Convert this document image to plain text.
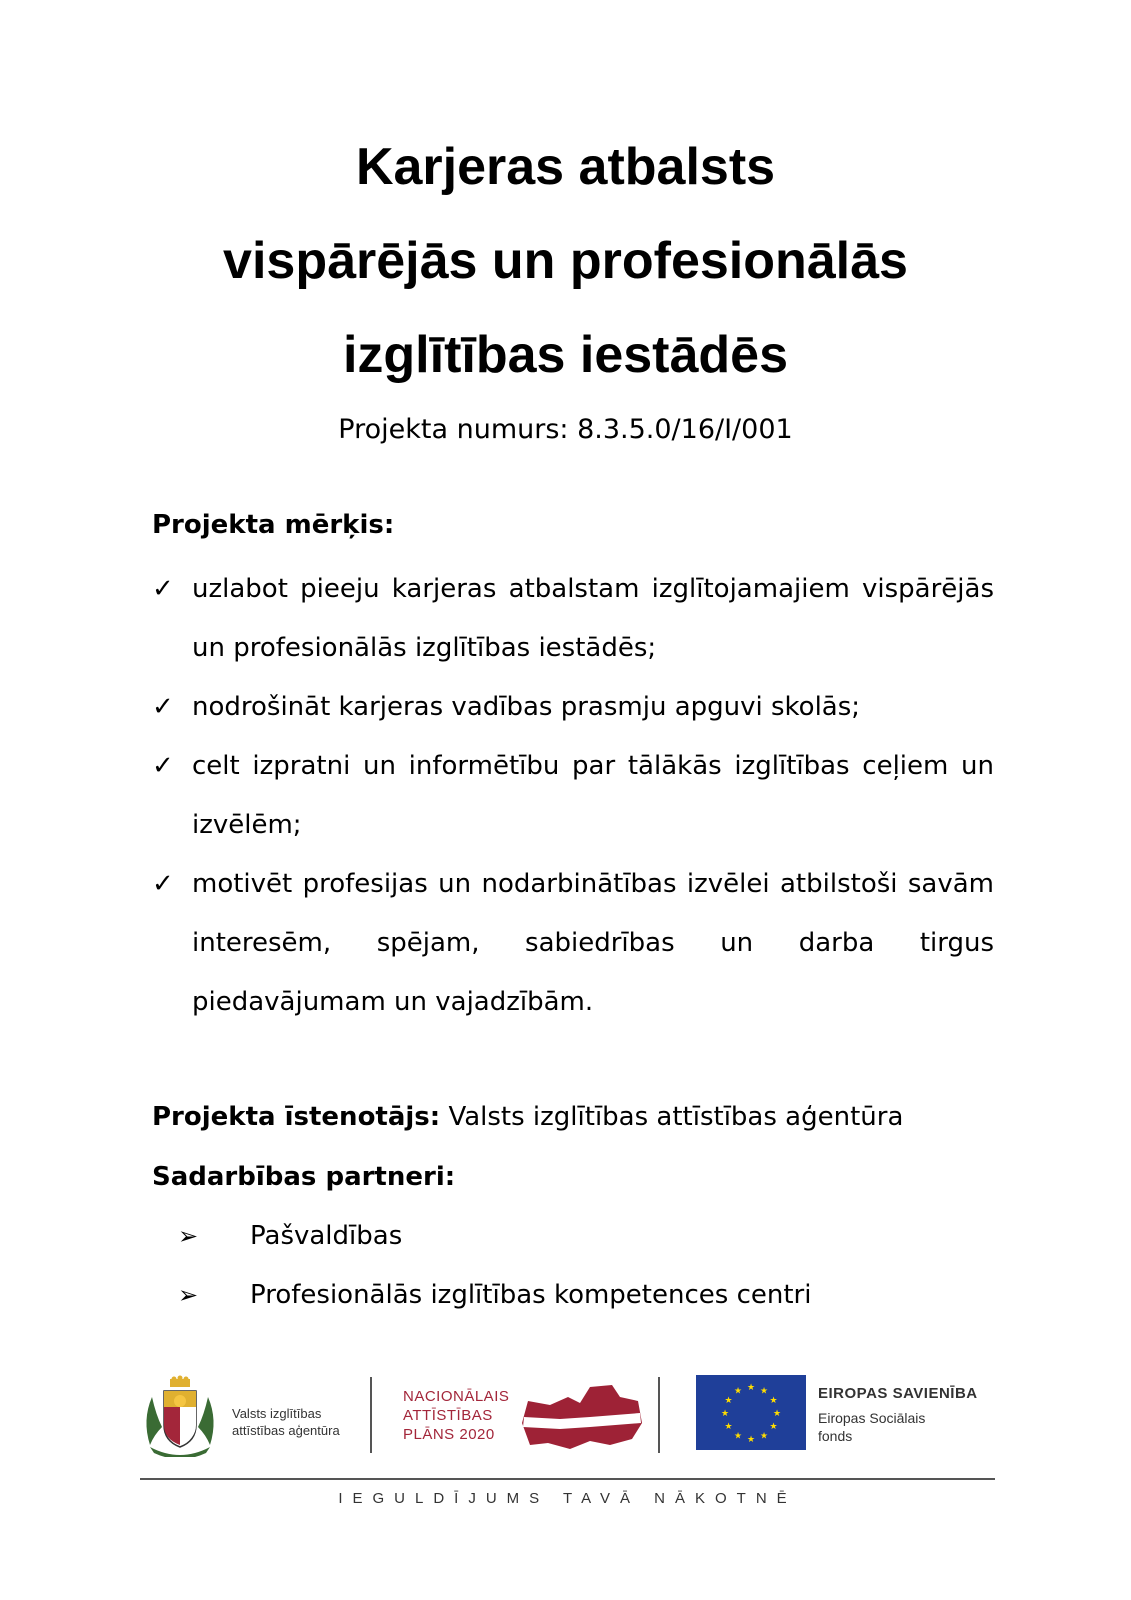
Karjeras atbalsts
vispārējās un profesionālās
izglītības iestādēs
Projekta numurs: 8.3.5.0/16/I/001
Projekta mērķis:
✓ uzlabot pieeju karjeras atbalstam izglītojamajiem vispārējās un profesionālās izglītības iestādēs;
✓ nodrošināt karjeras vadības prasmju apguvi skolās;
✓ celt izpratni un informētību par tālākās izglītības ceļiem un izvēlēm;
✓ motivēt profesijas un nodarbinātības izvēlei atbilstoši savām interesēm, spējam, sabiedrības un darba tirgus piedavājumam un vajadzībām.
Projekta īstenotājs: Valsts izglītības attīstības aģentūra
Sadarbības partneri:
➢ Pašvaldības
➢ Profesionālās izglītības kompetences centri
Valsts izglītības
attīstības aģentūra
NACIONĀLAIS
ATTĪSTĪBAS
PLĀNS 2020
★ ★
★
★
★
★
★
★
★
★
★
★	EIROPAS SAVIENĪBA
Eiropas Sociālais
fonds
IEGULDĪJUMS TAVĀ NĀKOTNĒ
